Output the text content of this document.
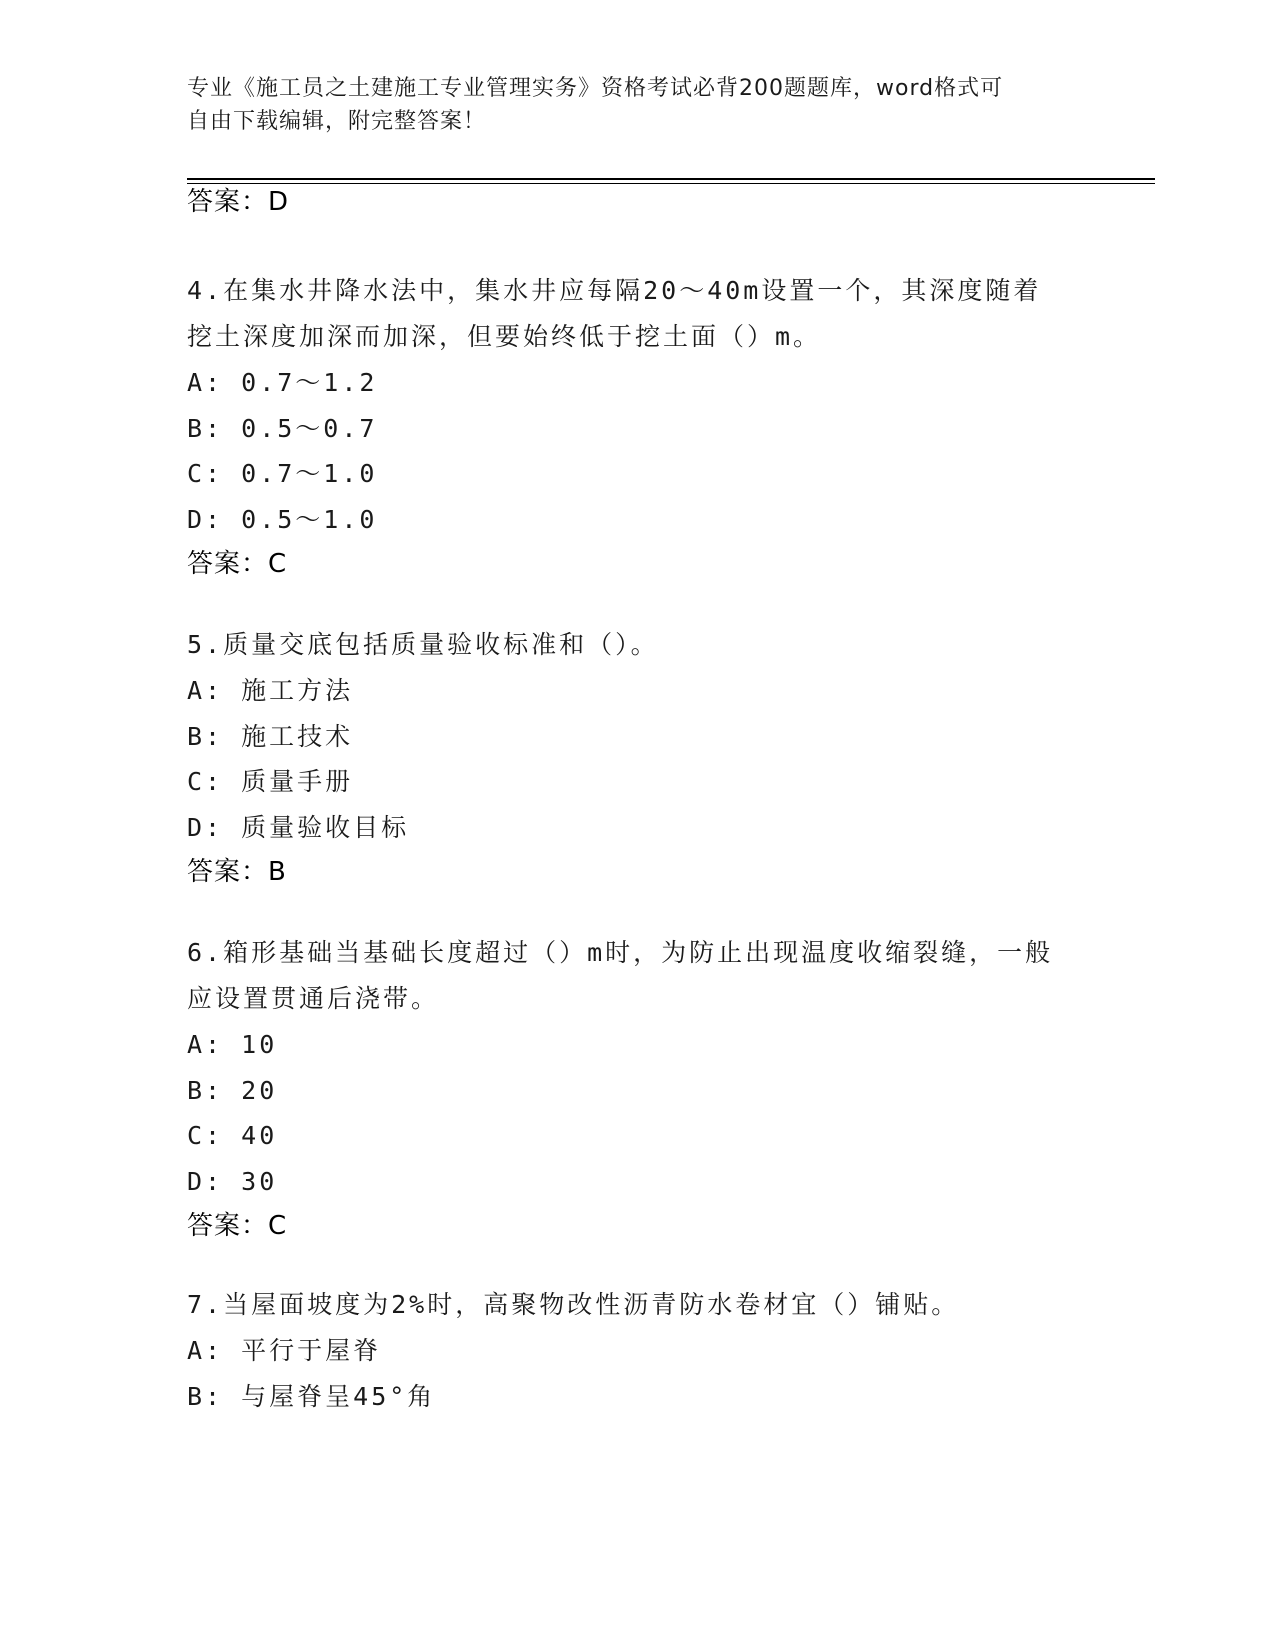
专业《施工员之土建施工专业管理实务》资格考试必背200题题库，word格式可
自由下载编辑，附完整答案！

答案：D

4.在集水井降水法中，集水井应每隔20～40m设置一个，其深度随着

挖土深度加深而加深，但要始终低于挖土面（）m。

A: 0.7～1.2

B: 0.5～0.7

C: 0.7～1.0

D: 0.5～1.0

答案：C

5.质量交底包括质量验收标准和（）。

A: 施工方法

B: 施工技术

C: 质量手册

D: 质量验收目标

答案：B

6.箱形基础当基础长度超过（）m时，为防止出现温度收缩裂缝，一般

应设置贯通后浇带。

A: 10

B: 20

C: 40

D: 30

答案：C

7.当屋面坡度为2%时，高聚物改性沥青防水卷材宜（）铺贴。

A: 平行于屋脊

B: 与屋脊呈45°角
